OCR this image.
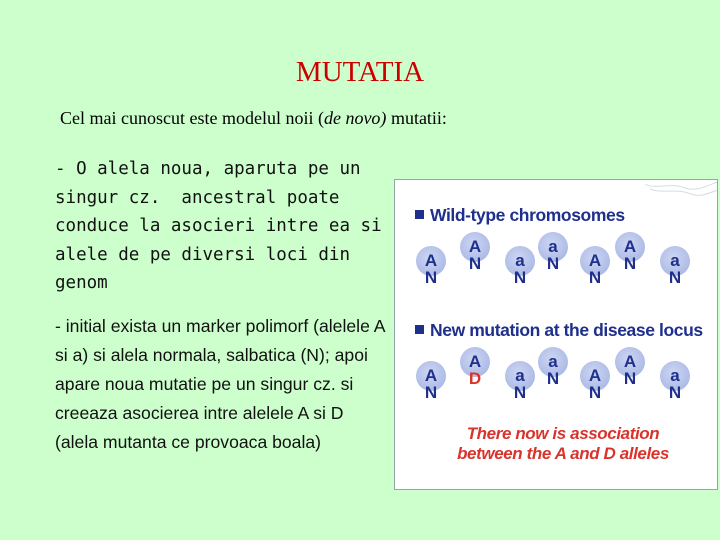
MUTATIA
Cel mai cunoscut este modelul noii (de novo) mutatii:
- O alela noua, aparuta pe un singur cz.  ancestral poate conduce la asocieri intre ea si alele de pe diversi loci din genom
- initial exista un marker polimorf (alelele A si a) si alela normala, salbatica (N); apoi apare noua mutatie pe un singur cz. si creeaza asocierea intre alelele A si D (alela mutanta ce provoaca boala)
Wild-type chromosomes
A
N
A
N	a
N
a
N	A
N
A
N	a
N
New mutation at the disease locus
A
N
A
D	a
N
a
N	A
N
A
N	a
N
There now is association
between the A and D alleles
